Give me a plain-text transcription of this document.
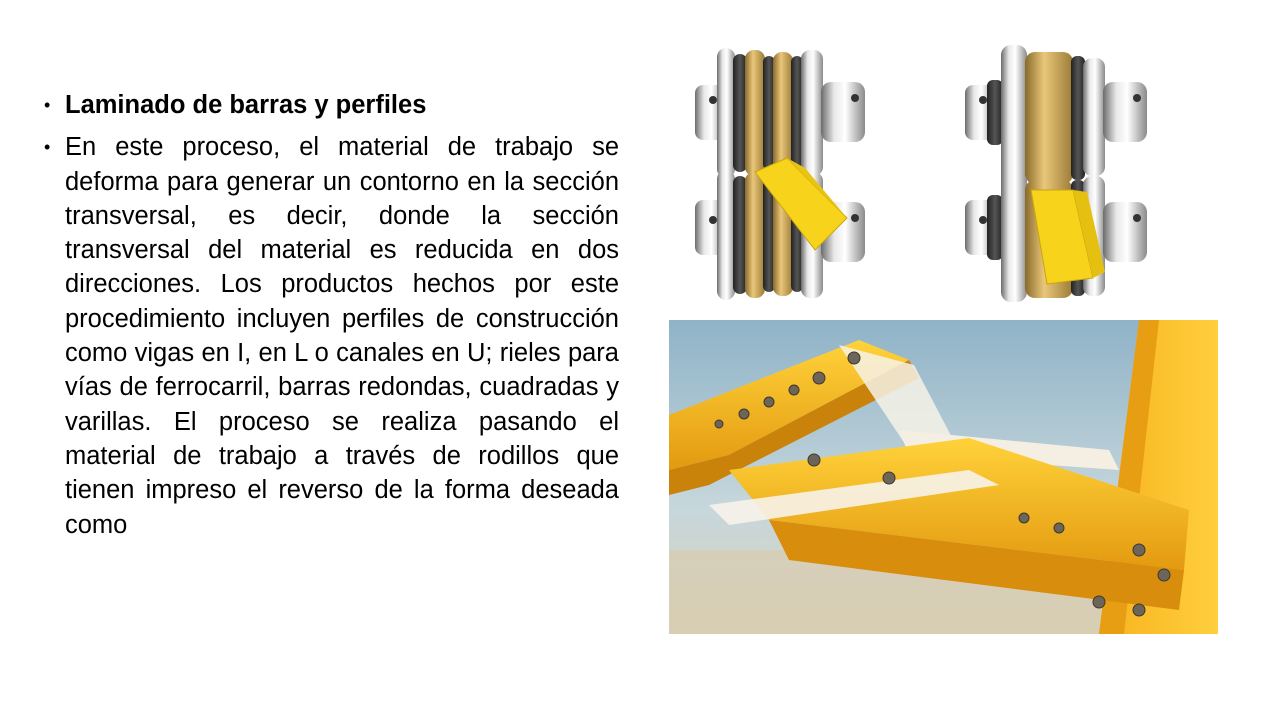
• Laminado de barras y perfiles
• En este proceso, el material de trabajo se deforma para generar un contorno en la sección transversal, es decir, donde la sección transversal del material es reducida en dos direcciones. Los productos hechos por este procedimiento incluyen perfiles de construcción como vigas en I, en L o canales en U; rieles para vías de ferrocarril, barras redondas, cuadradas y varillas. El proceso se realiza pasando el material de trabajo a través de rodillos que tienen impreso el reverso de la forma deseada como
